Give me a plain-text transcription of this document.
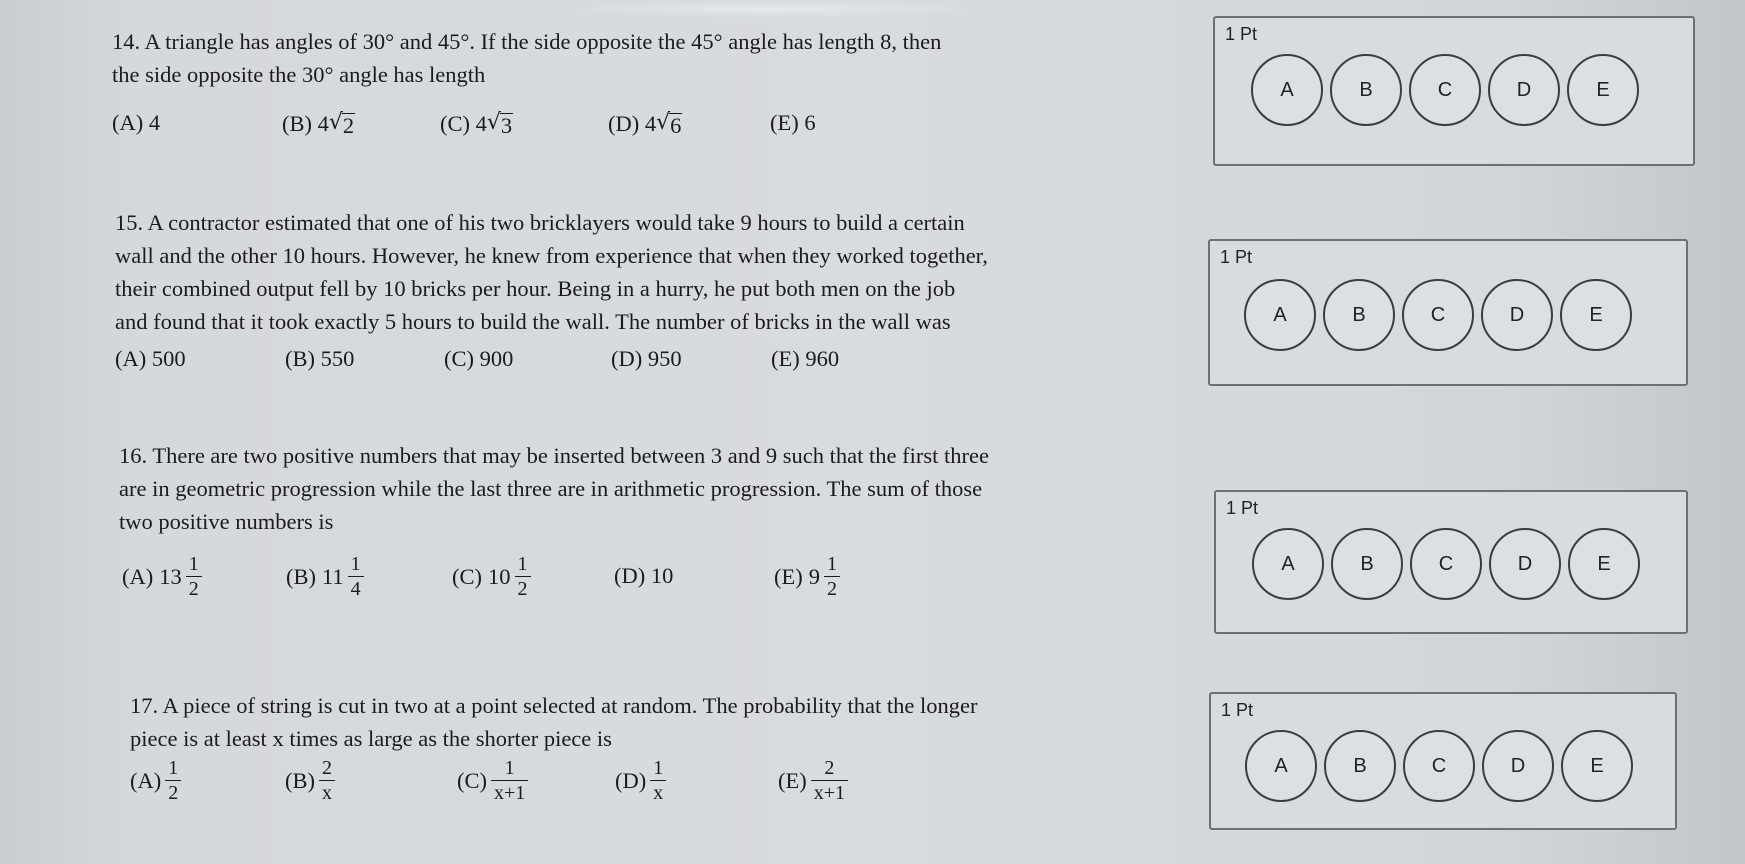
14. A triangle has angles of 30° and 45°. If the side opposite the 45° angle has length 8, then
the side opposite the 30° angle has length
(A)
4	(B)
4 √ 2	(C)
4 √ 3	(D)
4 √ 6	(E)
6
1 Pt
A	B	C	D	E
15. A contractor estimated that one of his two bricklayers would take 9 hours to build a certain
wall and the other 10 hours. However, he knew from experience that when they worked together,
their combined output fell by 10 bricks per hour. Being in a hurry, he put both men on the job
and found that it took exactly 5 hours to build the wall. The number of bricks in the wall was
(A)
500	(B)
550	(C)
900	(D)
950	(E)
960
1 Pt
A	B	C	D	E
16. There are two positive numbers that may be inserted between 3 and 9 such that the first three
are in geometric progression while the last three are in arithmetic progression. The sum of those
two positive numbers is
(A) $13 \frac{1}{2}$	(B) $11 \frac{1}{4}$	(C) $10 \frac{1}{2}$	(D)
10	(E) $9 \frac{1}{2}$
1 Pt
A	B	C	D	E
17. A piece of string is cut in two at a point selected at random. The probability that the longer
piece is at least x times as large as the shorter piece is
$(A) \frac{1}{2}$	$(B) \frac{2}{x}$	$(C) \frac{1}{x+1}$	$(D) \frac{1}{x}$	$(E) \frac{2}{x+1}$
1 Pt
A	B	C	D	E
